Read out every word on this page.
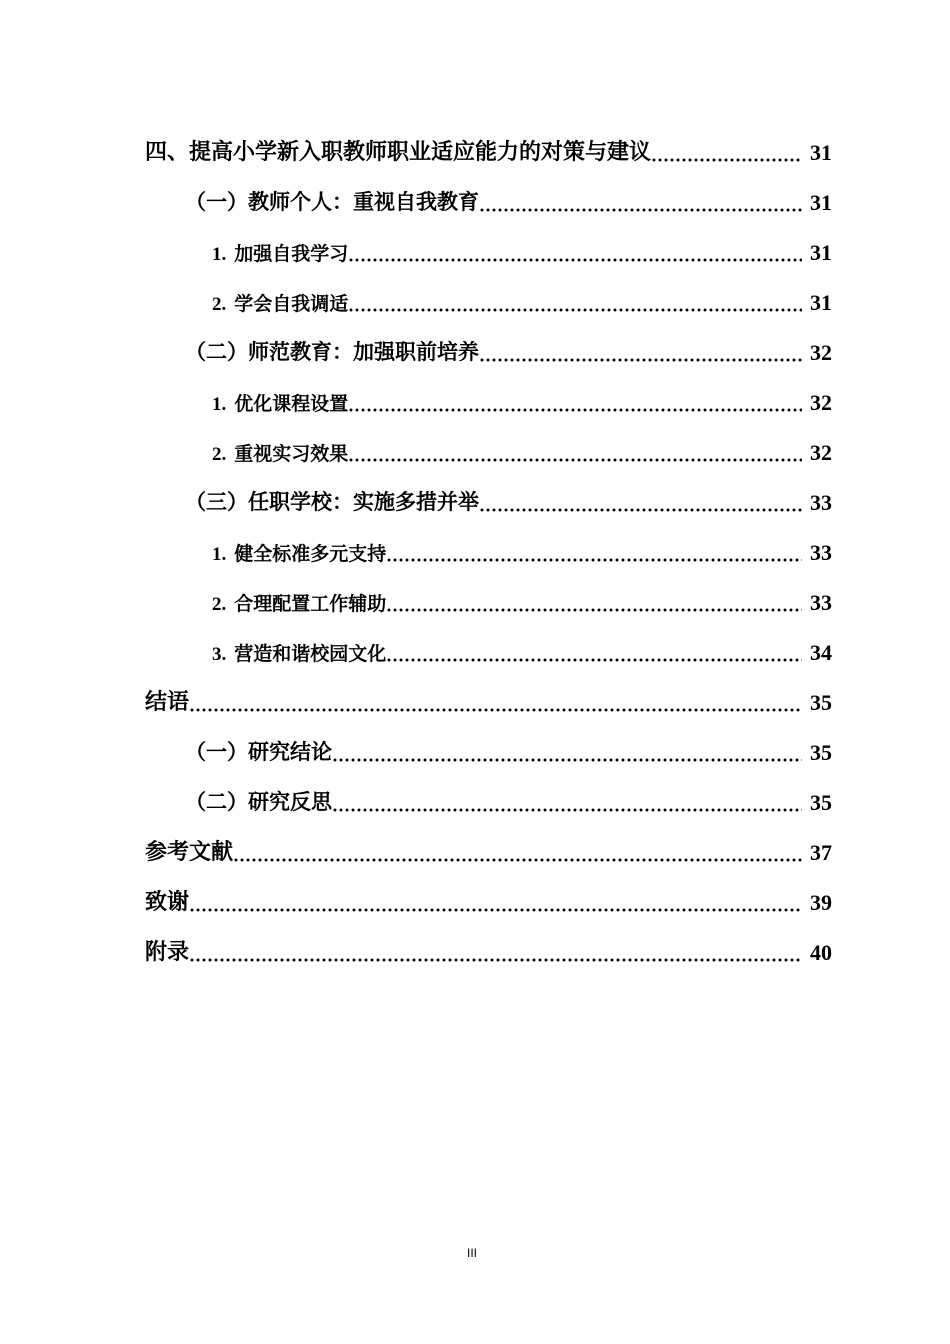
四、提高小学新入职教师职业适应能力的对策与建议	31
（一）教师个人：重视自我教育	31
1. 加强自我学习	31
2. 学会自我调适	31
（二）师范教育：加强职前培养	32
1. 优化课程设置	32
2. 重视实习效果	32
（三）任职学校：实施多措并举	33
1. 健全标准多元支持	33
2. 合理配置工作辅助	33
3. 营造和谐校园文化	34
结语	35
（一）研究结论	35
（二）研究反思	35
参考文献	37
致谢	39
附录	40
III
